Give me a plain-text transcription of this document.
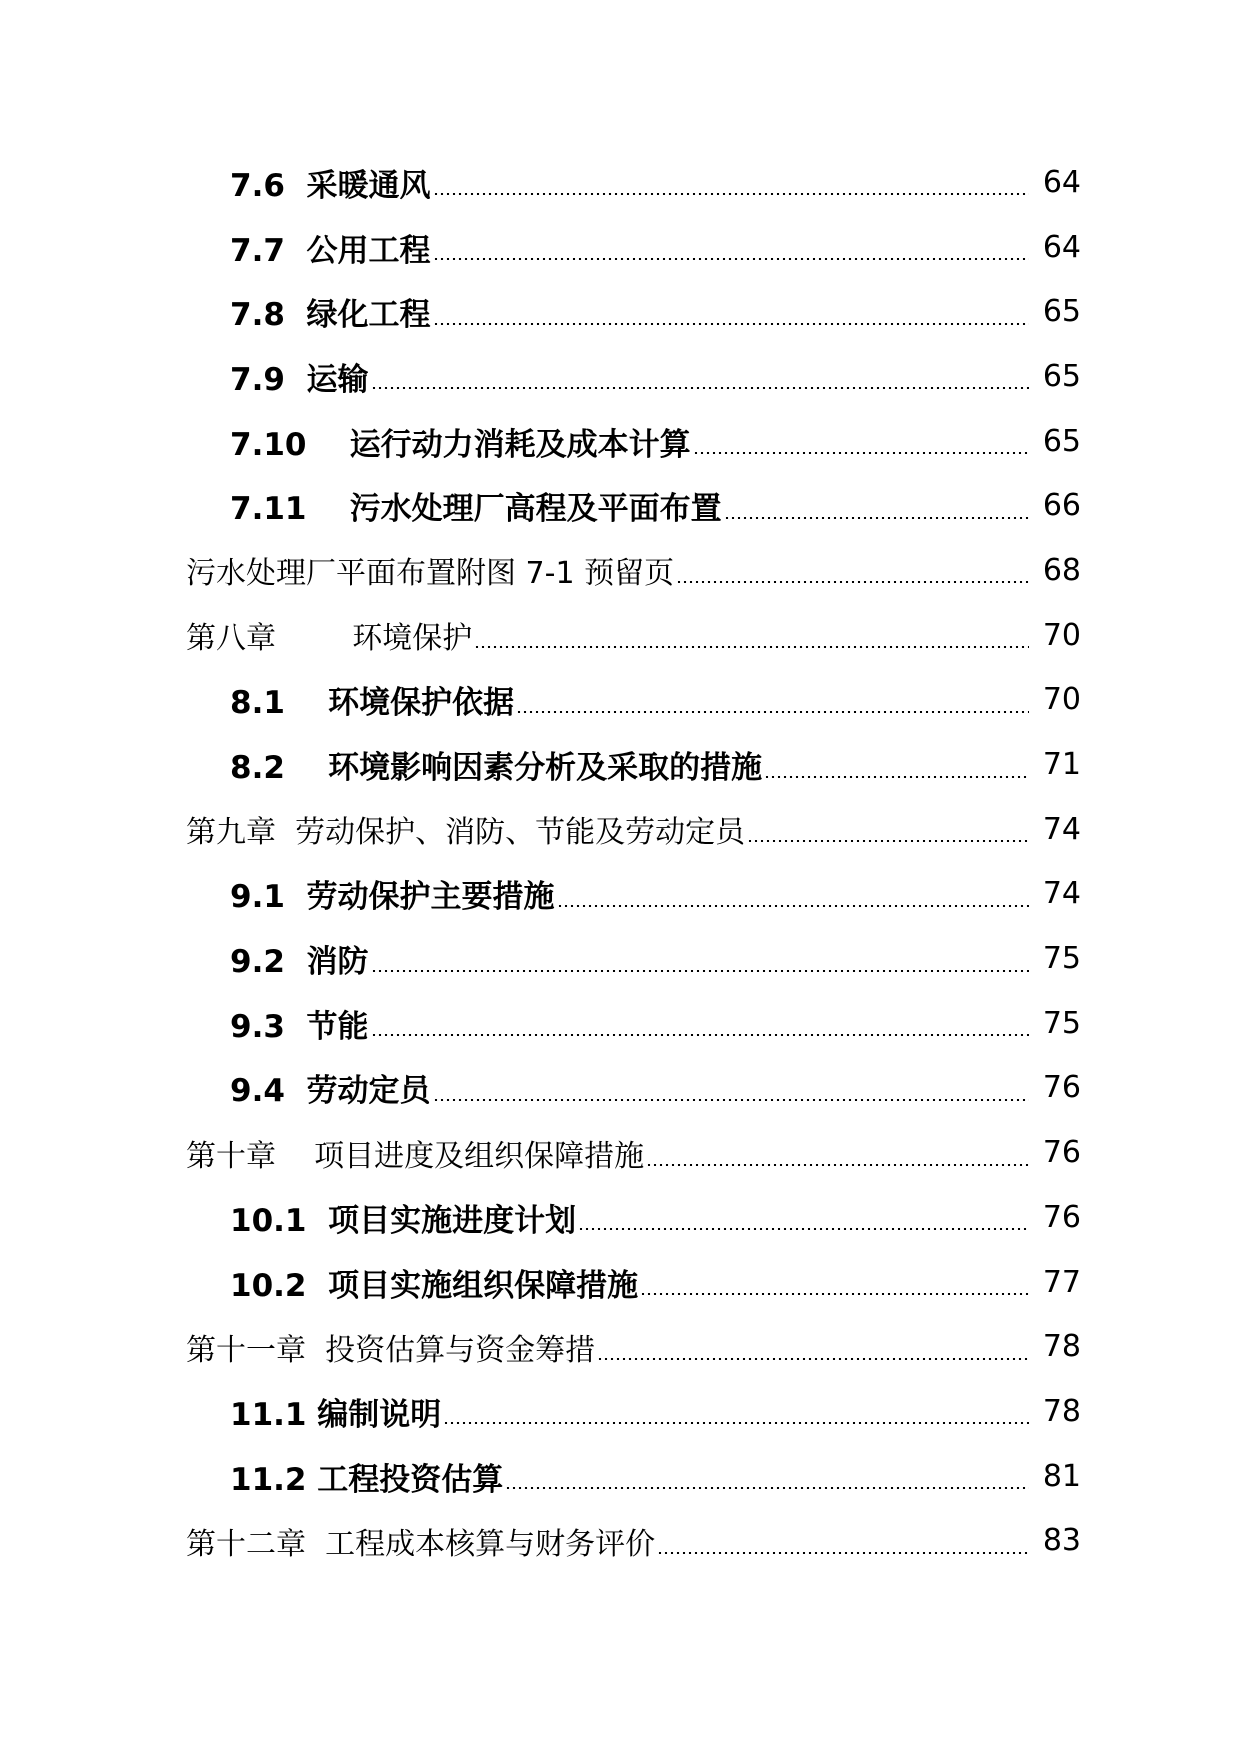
7.6  采暖通风	64
7.7  公用工程	64
7.8  绿化工程	65
7.9  运输	65
7.10    运行动力消耗及成本计算	65
7.11    污水处理厂高程及平面布置	66
污水处理厂平面布置附图 7-1 预留页	68
第八章        环境保护	70
8.1    环境保护依据	70
8.2    环境影响因素分析及采取的措施	71
第九章  劳动保护、消防、节能及劳动定员	74
9.1  劳动保护主要措施	74
9.2  消防	75
9.3  节能	75
9.4  劳动定员	76
第十章    项目进度及组织保障措施	76
10.1  项目实施进度计划	76
10.2  项目实施组织保障措施	77
第十一章  投资估算与资金筹措	78
11.1 编制说明	78
11.2 工程投资估算	81
第十二章  工程成本核算与财务评价	83
